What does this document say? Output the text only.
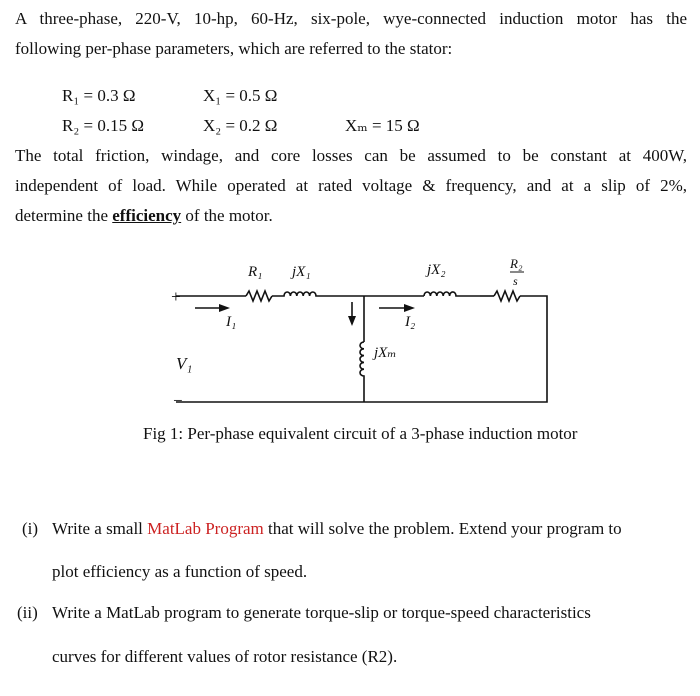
A three-phase, 220-V, 10-hp, 60-Hz, six-pole, wye-connected induction motor has the

following per-phase parameters, which are referred to the stator:

R₁ = 0.3 Ω	X₁ = 0.5 Ω
R₂ = 0.15 Ω	X₂ = 0.2 Ω	Xₘ = 15 Ω

The total friction, windage, and core losses can be assumed to be constant at 400W,

independent of load. While operated at rated voltage & frequency, and at a slip of 2%,

determine the efficiency of the motor.

R₁ jX₁	jX₂	R₂
s
I₁	I₂
jXₘ
V₁
+
−
Fig 1: Per-phase equivalent circuit of a 3-phase induction motor
(i) Write a small MatLab Program that will solve the problem. Extend your program to
plot efficiency as a function of speed.
(ii) Write a MatLab program to generate torque-slip or torque-speed characteristics
curves for different values of rotor resistance (R2).
